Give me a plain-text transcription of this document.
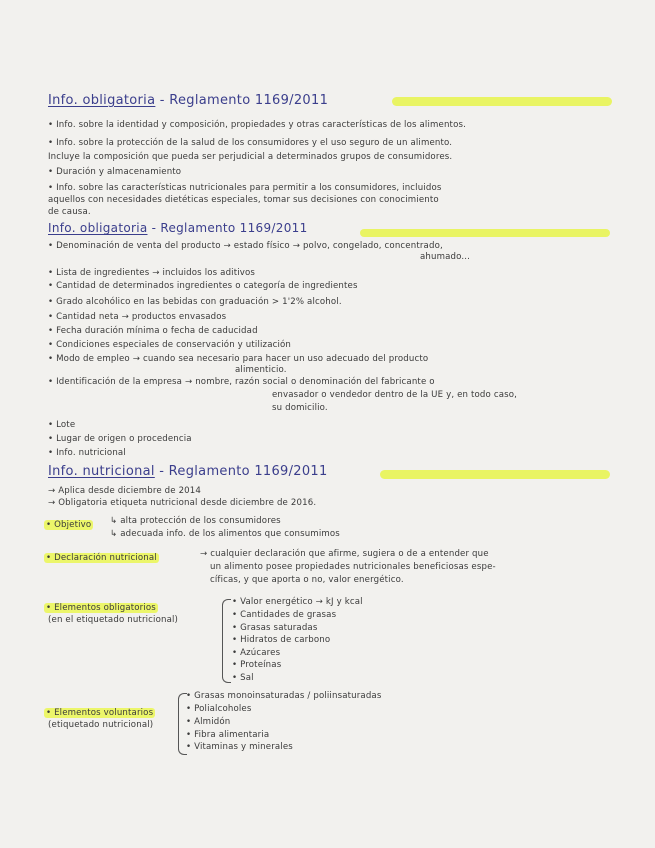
Info. obligatoria - Reglamento 1169/2011
• Info. sobre la identidad y composición, propiedades y otras características de los alimentos.
• Info. sobre la protección de la salud de los consumidores y el uso seguro de un alimento.
Incluye la composición que pueda ser perjudicial a determinados grupos de consumidores.
• Duración y almacenamiento
• Info. sobre las características nutricionales para permitir a los consumidores, incluidos
aquellos con necesidades dietéticas especiales, tomar sus decisiones con conocimiento
de causa.
Info. obligatoria - Reglamento 1169/2011
• Denominación de venta del producto → estado físico → polvo, congelado, concentrado,
ahumado...
• Lista de ingredientes → incluidos los aditivos
• Cantidad de determinados ingredientes o categoría de ingredientes
• Grado alcohólico en las bebidas con graduación > 1'2% alcohol.
• Cantidad neta → productos envasados
• Fecha duración mínima o fecha de caducidad
• Condiciones especiales de conservación y utilización
• Modo de empleo → cuando sea necesario para hacer un uso adecuado del producto
alimenticio.
• Identificación de la empresa → nombre, razón social o denominación del fabricante o
envasador o vendedor dentro de la UE y, en todo caso,
su domicilio.
• Lote
• Lugar de origen o procedencia
• Info. nutricional
Info. nutricional - Reglamento 1169/2011
→ Aplica desde diciembre de 2014
→ Obligatoria etiqueta nutricional desde diciembre de 2016.
• Objetivo ↳ alta protección de los consumidores
↳ adecuada info. de los alimentos que consumimos
• Declaración nutricional	→ cualquier declaración que afirme, sugiera o de a entender que
un alimento posee propiedades nutricionales beneficiosas espe-
cíficas, y que aporta o no, valor energético.
• Elementos obligatorios
(en el etiquetado nutricional)
• Valor energético → kJ y kcal
• Cantidades de grasas
• Grasas saturadas
• Hidratos de carbono
• Azúcares
• Proteínas
• Sal
• Elementos voluntarios
(etiquetado nutricional)
• Grasas monoinsaturadas / poliinsaturadas
• Polialcoholes
• Almidón
• Fibra alimentaria
• Vitaminas y minerales
